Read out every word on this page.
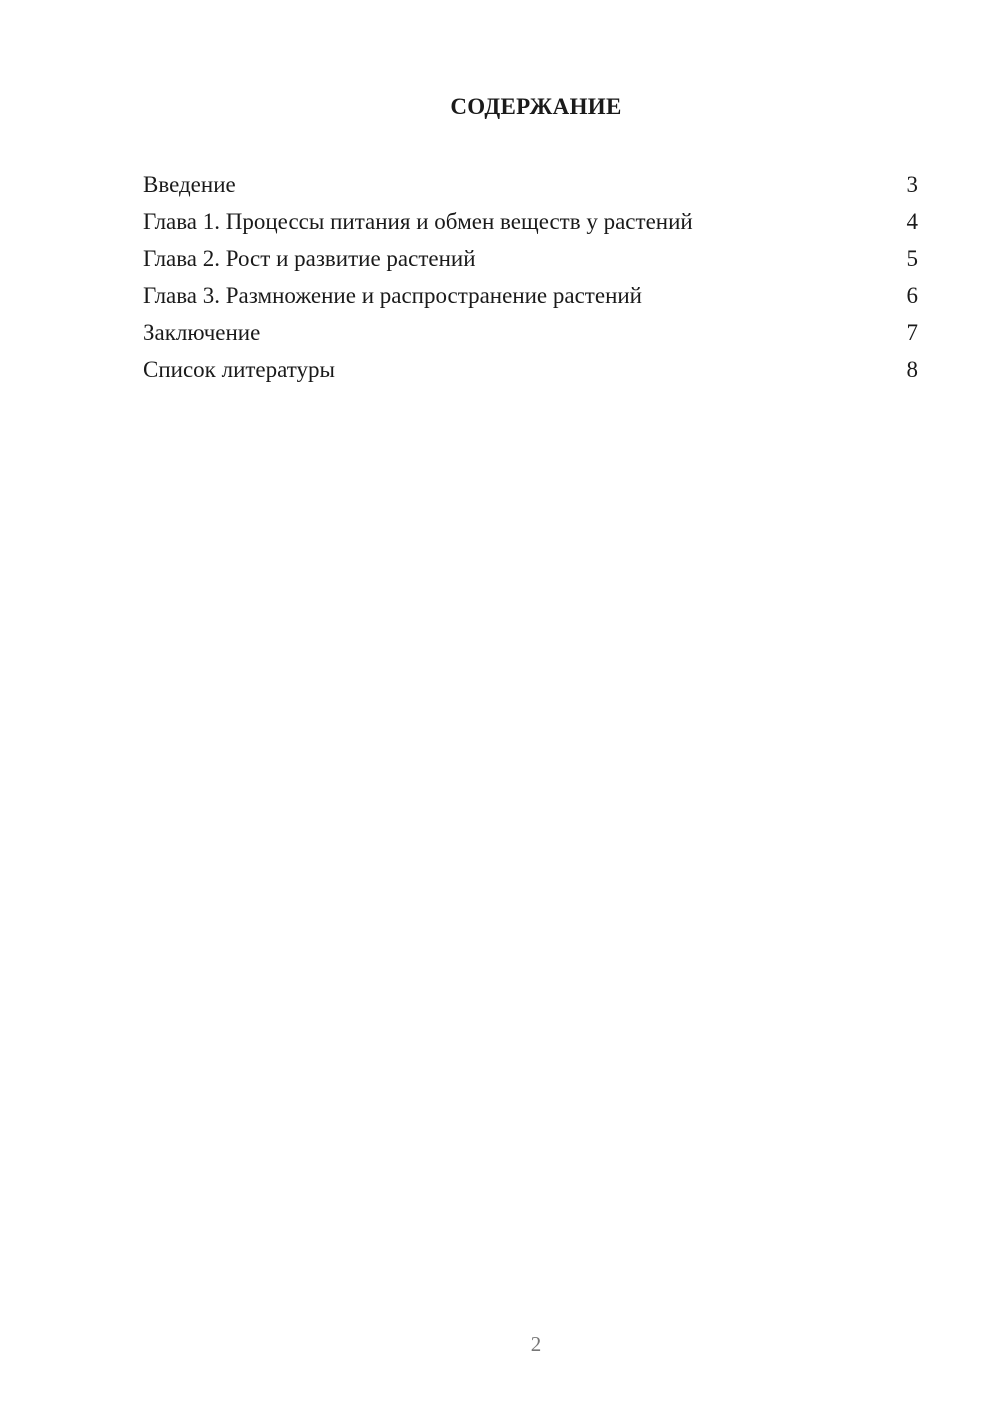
СОДЕРЖАНИЕ
Введение	3
Глава 1. Процессы питания и обмен веществ у растений	4
Глава 2. Рост и развитие растений	5
Глава 3. Размножение и распространение растений	6
Заключение	7
Список литературы	8
2
